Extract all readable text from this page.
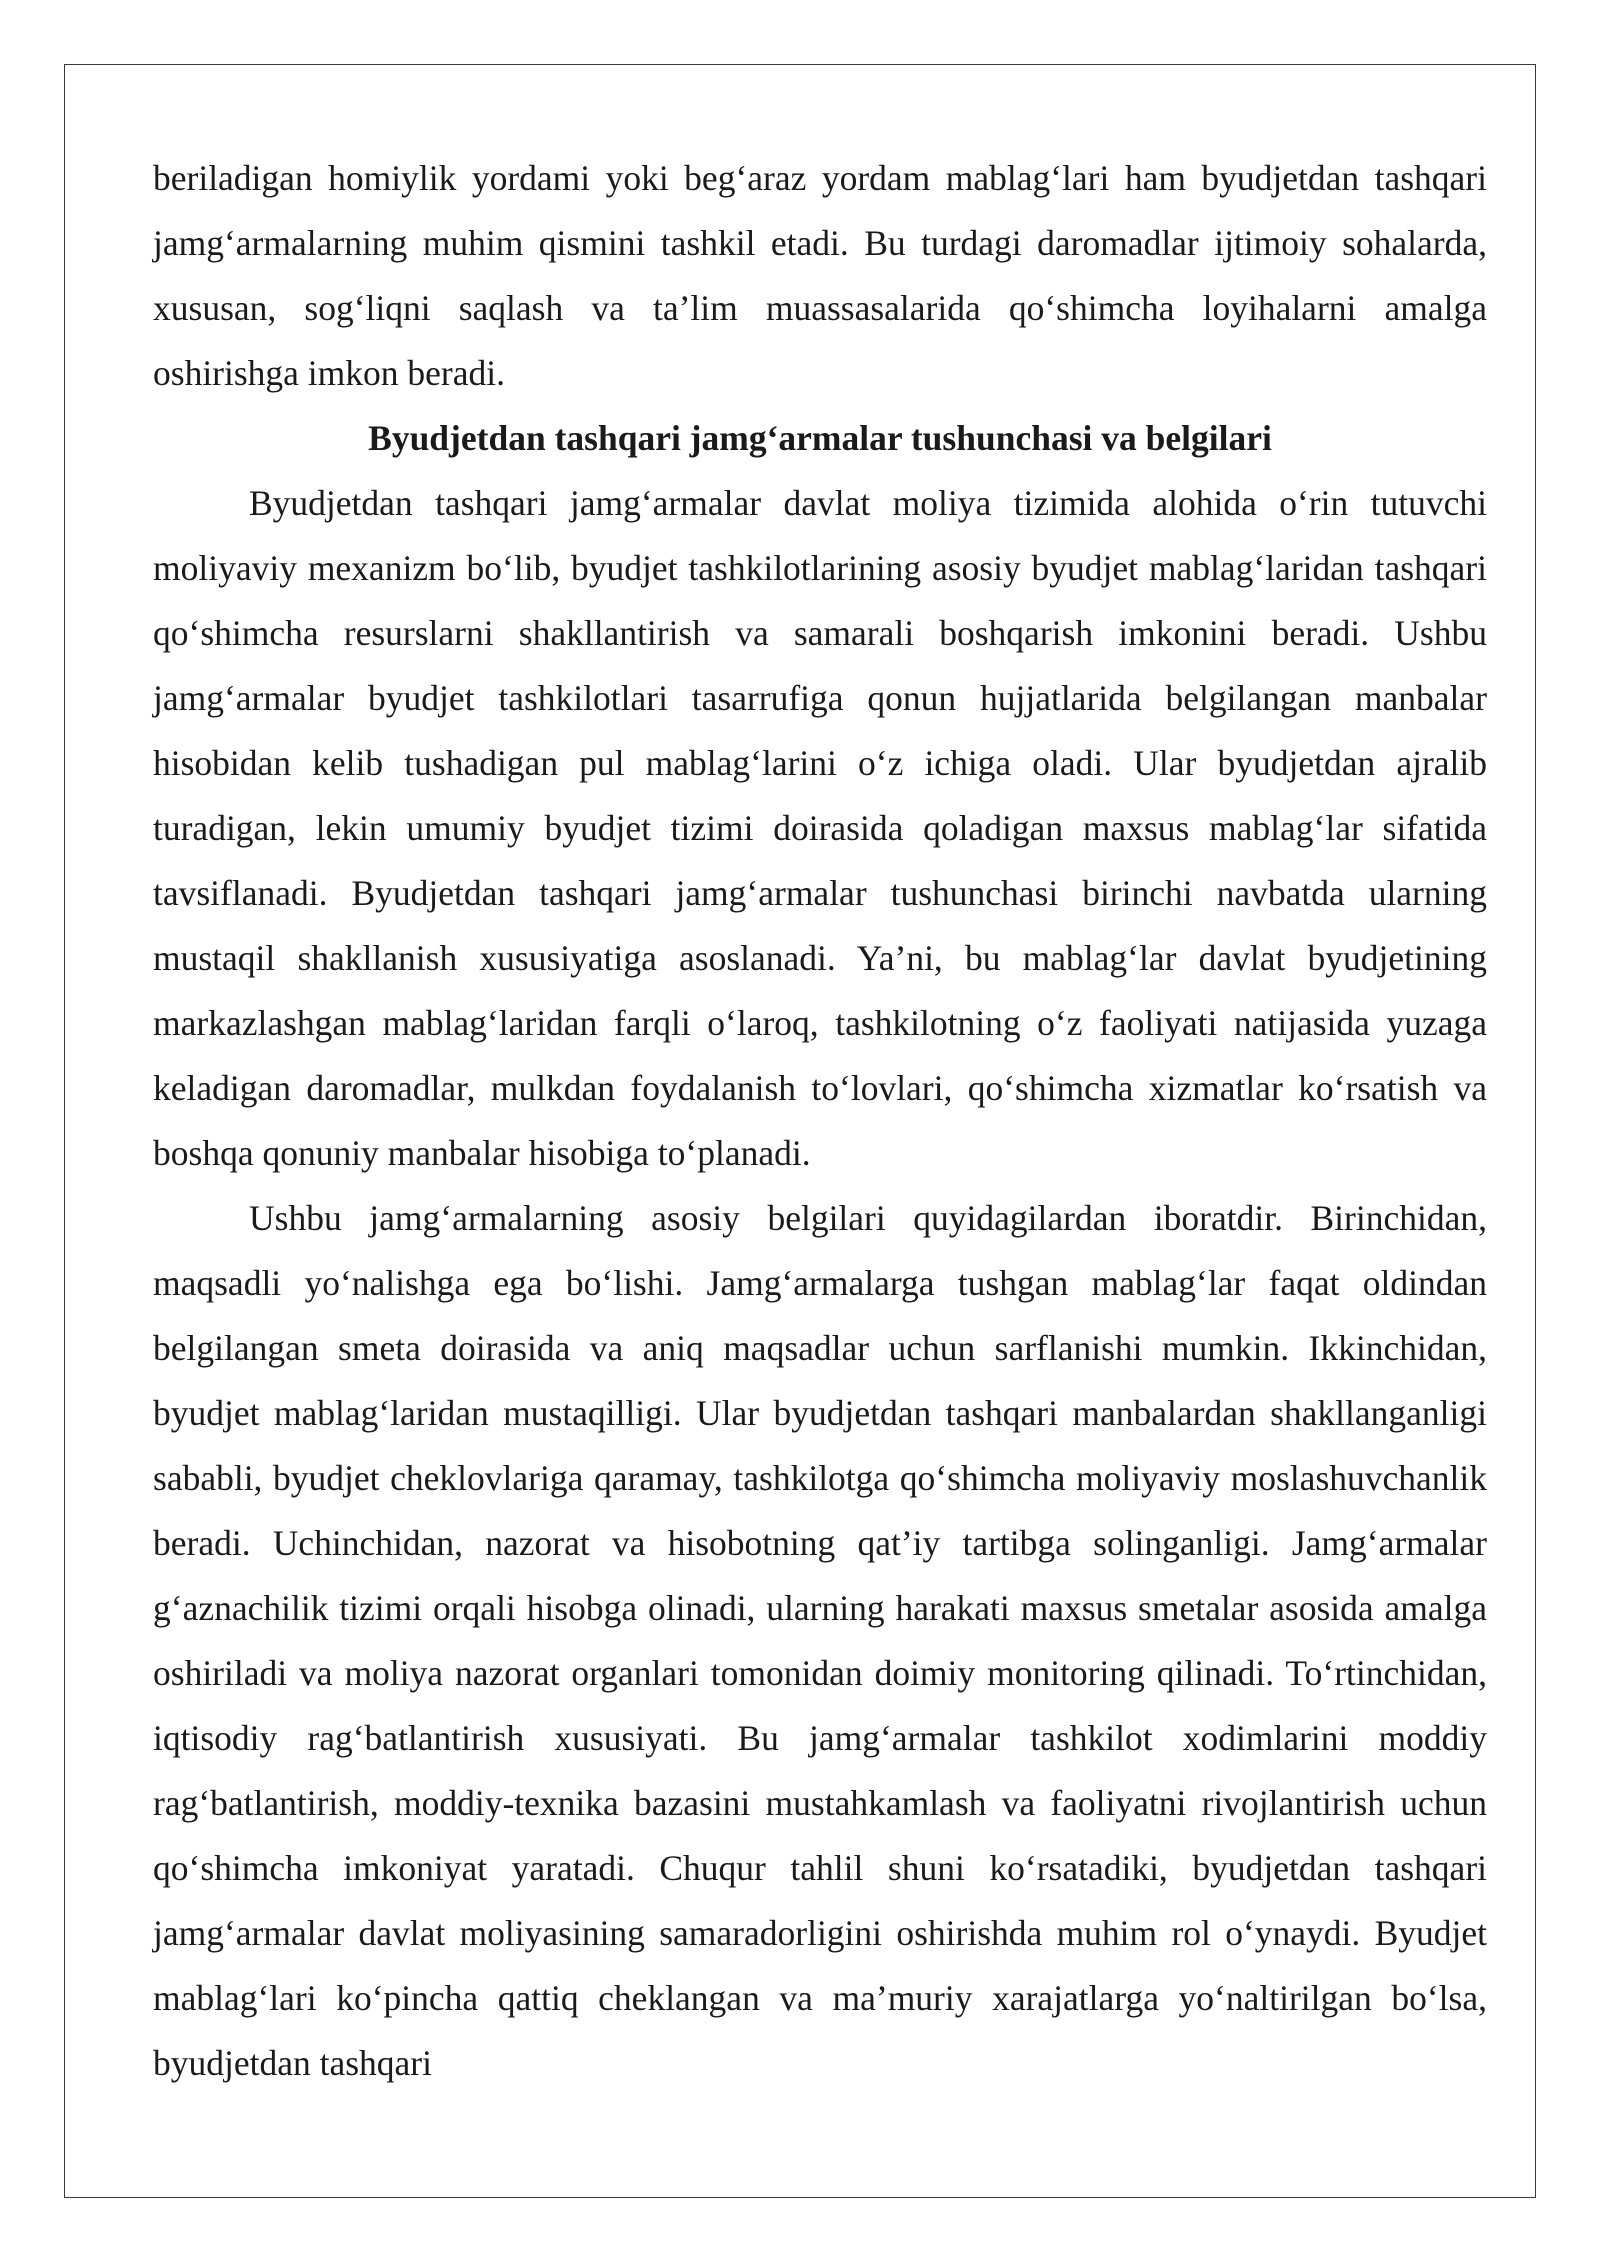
beriladigan homiylik yordami yoki beg‘araz yordam mablag‘lari ham byudjetdan tashqari jamg‘armalarning muhim qismini tashkil etadi. Bu turdagi daromadlar ijtimoiy sohalarda, xususan, sog‘liqni saqlash va ta’lim muassasalarida qo‘shimcha loyihalarni amalga oshirishga imkon beradi.

Byudjetdan tashqari jamg‘armalar tushunchasi va belgilari

Byudjetdan tashqari jamg‘armalar davlat moliya tizimida alohida o‘rin tutuvchi moliyaviy mexanizm bo‘lib, byudjet tashkilotlarining asosiy byudjet mablag‘laridan tashqari qo‘shimcha resurslarni shakllantirish va samarali boshqarish imkonini beradi. Ushbu jamg‘armalar byudjet tashkilotlari tasarrufiga qonun hujjatlarida belgilangan manbalar hisobidan kelib tushadigan pul mablag‘larini o‘z ichiga oladi. Ular byudjetdan ajralib turadigan, lekin umumiy byudjet tizimi doirasida qoladigan maxsus mablag‘lar sifatida tavsiflanadi. Byudjetdan tashqari jamg‘armalar tushunchasi birinchi navbatda ularning mustaqil shakllanish xususiyatiga asoslanadi. Ya’ni, bu mablag‘lar davlat byudjetining markazlashgan mablag‘laridan farqli o‘laroq, tashkilotning o‘z faoliyati natijasida yuzaga keladigan daromadlar, mulkdan foydalanish to‘lovlari, qo‘shimcha xizmatlar ko‘rsatish va boshqa qonuniy manbalar hisobiga to‘planadi.

Ushbu jamg‘armalarning asosiy belgilari quyidagilardan iboratdir. Birinchidan, maqsadli yo‘nalishga ega bo‘lishi. Jamg‘armalarga tushgan mablag‘lar faqat oldindan belgilangan smeta doirasida va aniq maqsadlar uchun sarflanishi mumkin. Ikkinchidan, byudjet mablag‘laridan mustaqilligi. Ular byudjetdan tashqari manbalardan shakllanganligi sababli, byudjet cheklovlariga qaramay, tashkilotga qo‘shimcha moliyaviy moslashuvchanlik beradi. Uchinchidan, nazorat va hisobotning qat’iy tartibga solinganligi. Jamg‘armalar g‘aznachilik tizimi orqali hisobga olinadi, ularning harakati maxsus smetalar asosida amalga oshiriladi va moliya nazorat organlari tomonidan doimiy monitoring qilinadi. To‘rtinchidan, iqtisodiy rag‘batlantirish xususiyati. Bu jamg‘armalar tashkilot xodimlarini moddiy rag‘batlantirish, moddiy-texnika bazasini mustahkamlash va faoliyatni rivojlantirish uchun qo‘shimcha imkoniyat yaratadi. Chuqur tahlil shuni ko‘rsatadiki, byudjetdan tashqari jamg‘armalar davlat moliyasining samaradorligini oshirishda muhim rol o‘ynaydi. Byudjet mablag‘lari ko‘pincha qattiq cheklangan va ma’muriy xarajatlarga yo‘naltirilgan bo‘lsa, byudjetdan tashqari
